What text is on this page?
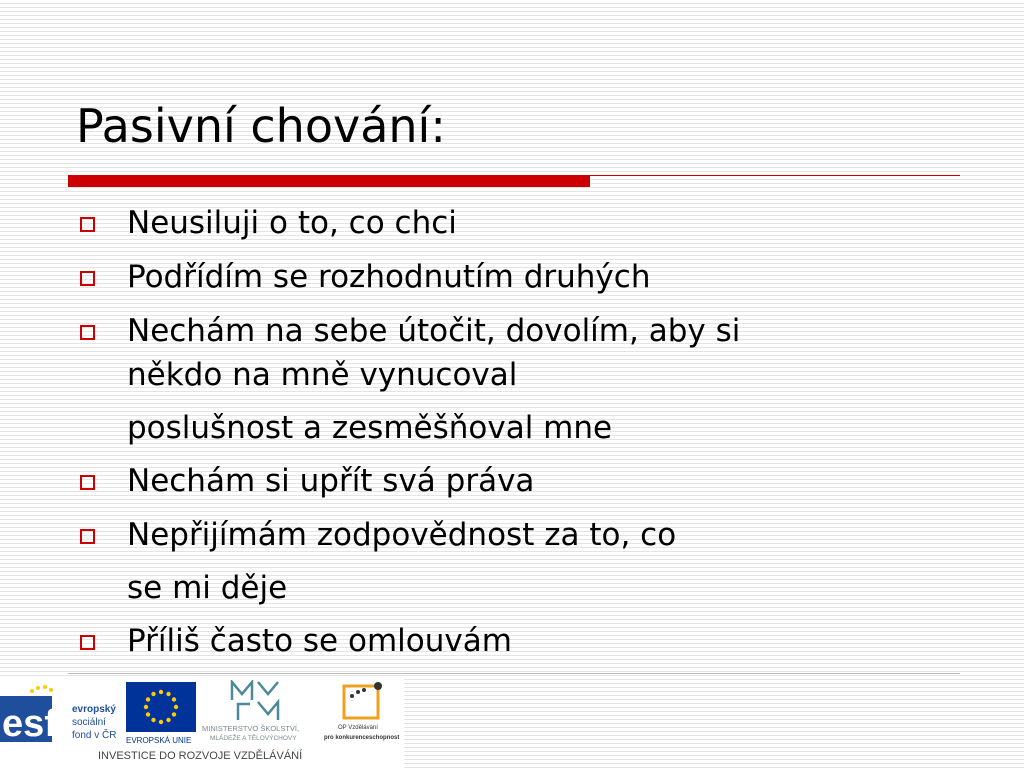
Pasivní chování:
Neusiluji o to, co chci
Podřídím se rozhodnutím druhých
Nechám na sebe útočit, dovolím, aby si
někdo na mně vynucoval
poslušnost a zesměšňoval mne
Nechám si upřít svá práva
Nepřijímám zodpovědnost za to, co
se mi děje
Příliš často se omlouvám
esf evropský
sociální
fond v ČR EVROPSKÁ UNIE
MINISTERSTVO ŠKOLSTVÍ,
MLÁDEŽE A TĚLOVÝCHOVY
OP Vzdělávání
pro konkurenceschopnost
INVESTICE DO ROZVOJE VZDĚLÁVÁNÍ
